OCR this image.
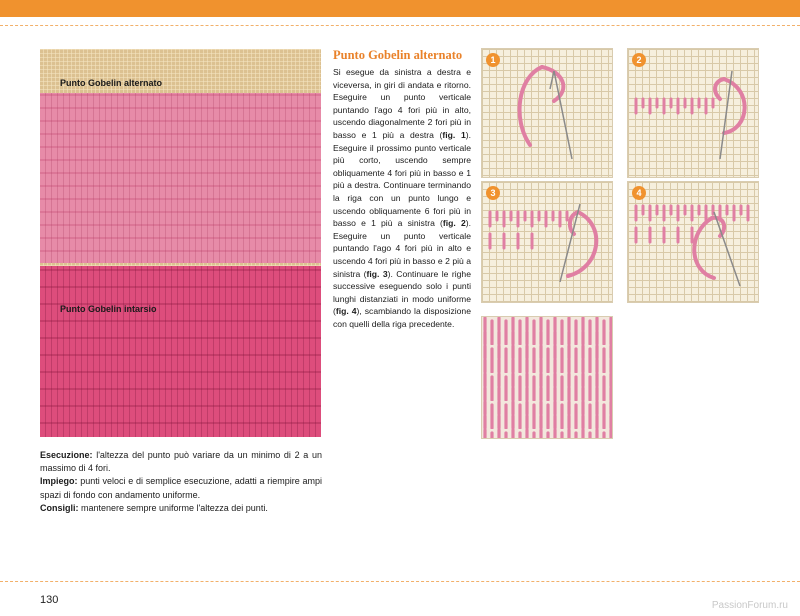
Punto Gobelin alternato
Punto Gobelin intarsio

Esecuzione: l'altezza del punto può variare da un minimo di 2 a un massimo di 4 fori.

Impiego: punti veloci e di semplice esecuzione, adatti a riempire ampi spazi di fondo con andamento uniforme.

Consigli: mantenere sempre uniforme l'altezza dei punti.

Punto Gobelin alternato

Si esegue da sinistra a destra e viceversa, in giri di andata e ritorno. Eseguire un punto verticale puntando l'ago 4 fori più in alto, uscendo diagonalmente 2 fori più in basso e 1 più a destra (fig. 1). Eseguire il prossimo punto verticale più corto, uscendo sempre obliquamente 4 fori più in basso e 1 più a destra. Continuare terminando la riga con un punto lungo e uscendo obliquamente 6 fori più in basso e 1 più a sinistra (fig. 2). Eseguire un punto verticale puntando l'ago 4 fori più in alto e uscendo 4 fori più in basso e 2 più a sinistra (fig. 3). Continuare le righe successive eseguendo solo i punti lunghi distanziati in modo uniforme (fig. 4), scambiando la disposizione con quelli della riga precedente.

1	2
3	4
130	PassionForum.ru
